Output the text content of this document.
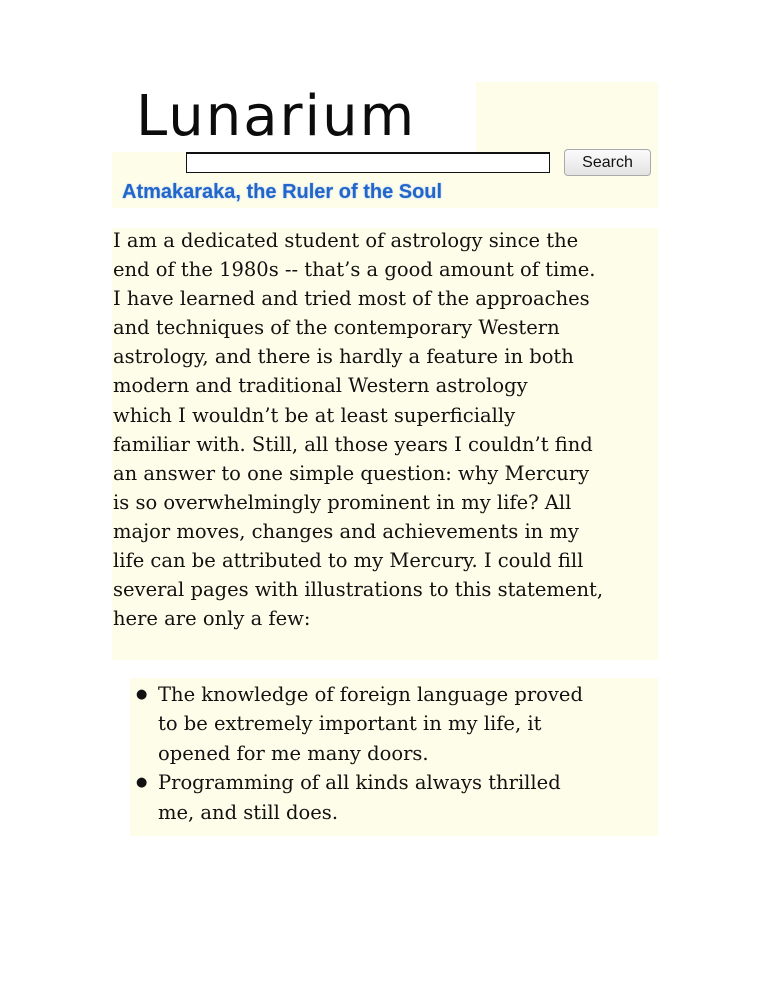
Lunarium
Search
Atmakaraka, the Ruler of the Soul
I am a dedicated student of astrology since the
end of the 1980s -- that’s a good amount of time.
I have learned and tried most of the approaches
and techniques of the contemporary Western
astrology, and there is hardly a feature in both
modern and traditional Western astrology
which I wouldn’t be at least superficially
familiar with. Still, all those years I couldn’t find
an answer to one simple question: why Mercury
is so overwhelmingly prominent in my life? All
major moves, changes and achievements in my
life can be attributed to my Mercury. I could fill
several pages with illustrations to this statement,
here are only a few:
● The knowledge of foreign language proved
to be extremely important in my life, it
opened for me many doors.
● Programming of all kinds always thrilled
me, and still does.
